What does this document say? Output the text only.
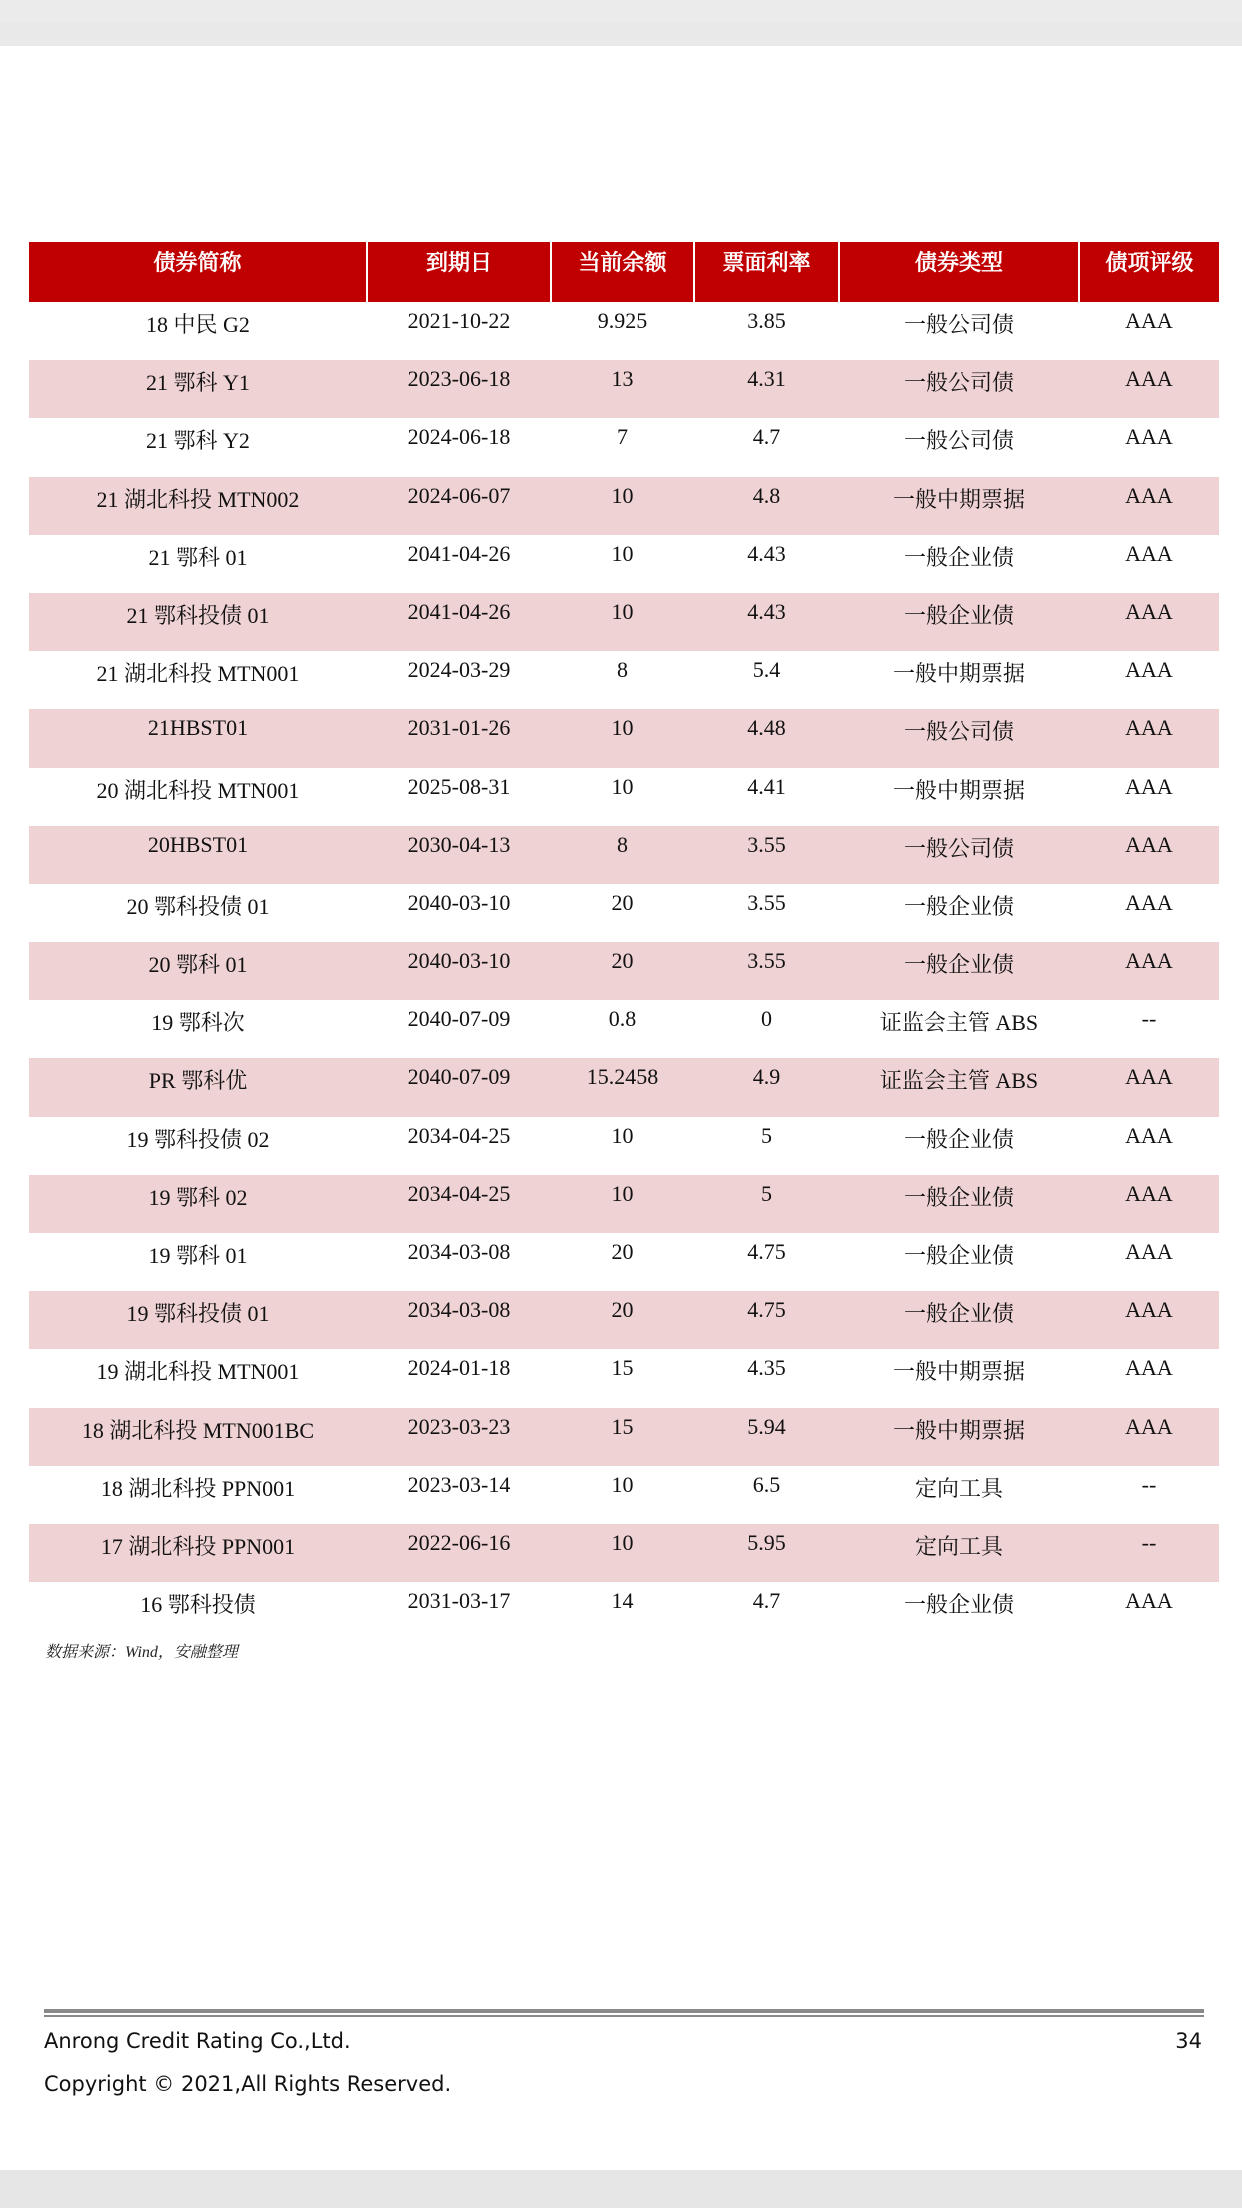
债券简称	到期日	当前余额	票面利率	债券类型	债项评级
18 中民 G2	2021-10-22	9.925	3.85	一般公司债	AAA
21 鄂科 Y1	2023-06-18	13	4.31	一般公司债	AAA
21 鄂科 Y2	2024-06-18	7	4.7	一般公司债	AAA
21 湖北科投 MTN002	2024-06-07	10	4.8	一般中期票据	AAA
21 鄂科 01	2041-04-26	10	4.43	一般企业债	AAA
21 鄂科投债 01	2041-04-26	10	4.43	一般企业债	AAA
21 湖北科投 MTN001	2024-03-29	8	5.4	一般中期票据	AAA
21HBST01	2031-01-26	10	4.48	一般公司债	AAA
20 湖北科投 MTN001	2025-08-31	10	4.41	一般中期票据	AAA
20HBST01	2030-04-13	8	3.55	一般公司债	AAA
20 鄂科投债 01	2040-03-10	20	3.55	一般企业债	AAA
20 鄂科 01	2040-03-10	20	3.55	一般企业债	AAA
19 鄂科次	2040-07-09	0.8	0	证监会主管 ABS	--
PR 鄂科优	2040-07-09	15.2458	4.9	证监会主管 ABS	AAA
19 鄂科投债 02	2034-04-25	10	5	一般企业债	AAA
19 鄂科 02	2034-04-25	10	5	一般企业债	AAA
19 鄂科 01	2034-03-08	20	4.75	一般企业债	AAA
19 鄂科投债 01	2034-03-08	20	4.75	一般企业债	AAA
19 湖北科投 MTN001	2024-01-18	15	4.35	一般中期票据	AAA
18 湖北科投 MTN001BC	2023-03-23	15	5.94	一般中期票据	AAA
18 湖北科投 PPN001	2023-03-14	10	6.5	定向工具	--
17 湖北科投 PPN001	2022-06-16	10	5.95	定向工具	--
16 鄂科投债	2031-03-17	14	4.7	一般企业债	AAA
数据来源：Wind，安融整理
Anrong Credit Rating Co.,Ltd.	34
Copyright © 2021,All Rights Reserved.
